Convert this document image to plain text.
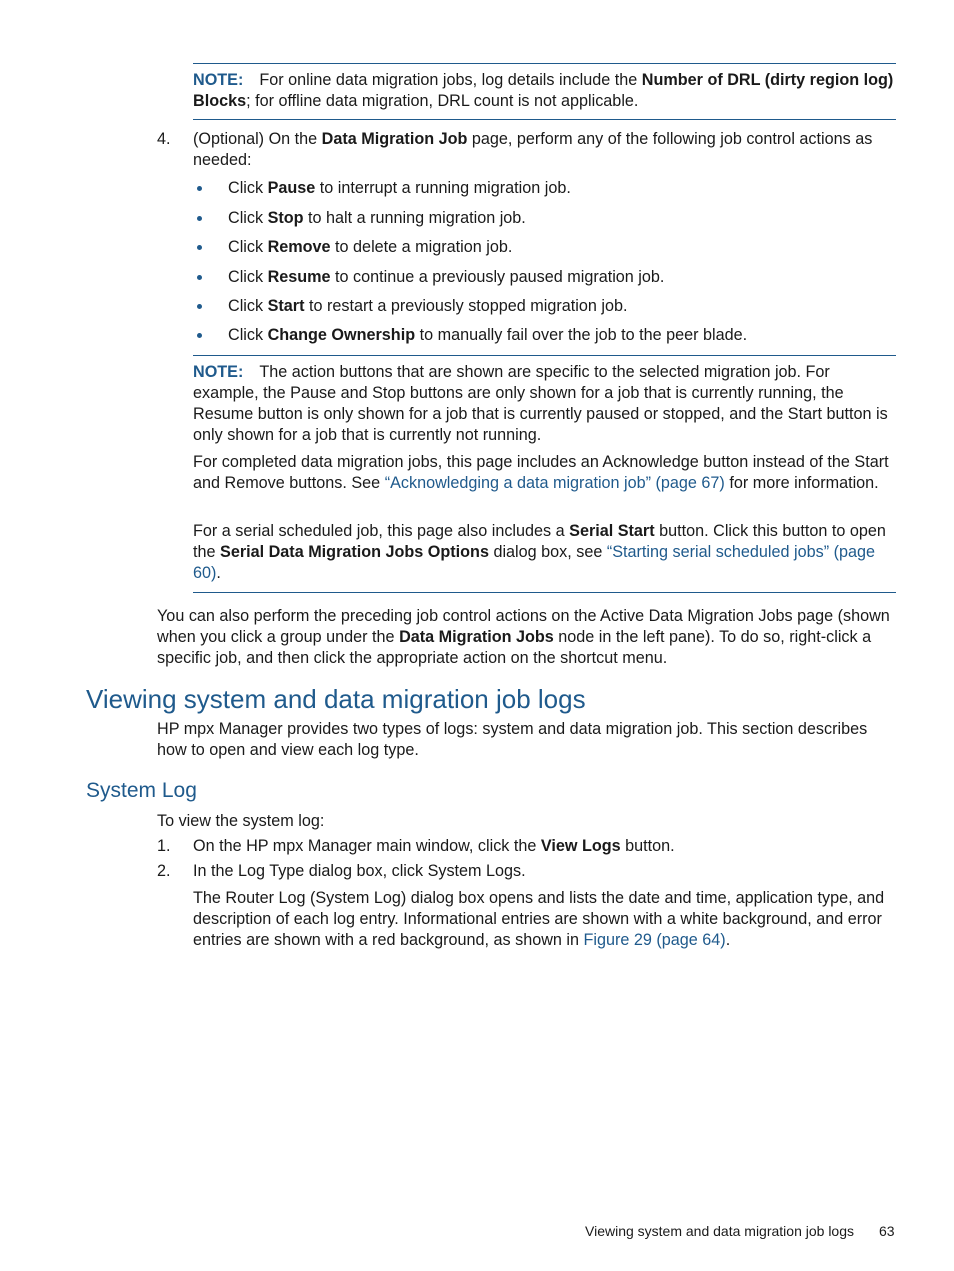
NOTE: For online data migration jobs, log details include the Number of DRL (dirty region log) Blocks; for offline data migration, DRL count is not applicable.

4. (Optional) On the Data Migration Job page, perform any of the following job control actions as needed:

Click Pause to interrupt a running migration job.
Click Stop to halt a running migration job.
Click Remove to delete a migration job.
Click Resume to continue a previously paused migration job.
Click Start to restart a previously stopped migration job.
Click Change Ownership to manually fail over the job to the peer blade.

NOTE: The action buttons that are shown are specific to the selected migration job. For example, the Pause and Stop buttons are only shown for a job that is currently running, the Resume button is only shown for a job that is currently paused or stopped, and the Start button is only shown for a job that is currently not running.

For completed data migration jobs, this page includes an Acknowledge button instead of the Start and Remove buttons. See “Acknowledging a data migration job” (page 67) for more information.

For a serial scheduled job, this page also includes a Serial Start button. Click this button to open the Serial Data Migration Jobs Options dialog box, see “Starting serial scheduled jobs” (page 60).

You can also perform the preceding job control actions on the Active Data Migration Jobs page (shown when you click a group under the Data Migration Jobs node in the left pane). To do so, right-click a specific job, and then click the appropriate action on the shortcut menu.

Viewing system and data migration job logs

HP mpx Manager provides two types of logs: system and data migration job. This section describes how to open and view each log type.

System Log

To view the system log:

1. On the HP mpx Manager main window, click the View Logs button.

2. In the Log Type dialog box, click System Logs.

The Router Log (System Log) dialog box opens and lists the date and time, application type, and description of each log entry. Informational entries are shown with a white background, and error entries are shown with a red background, as shown in Figure 29 (page 64).

Viewing system and data migration job logs 63
